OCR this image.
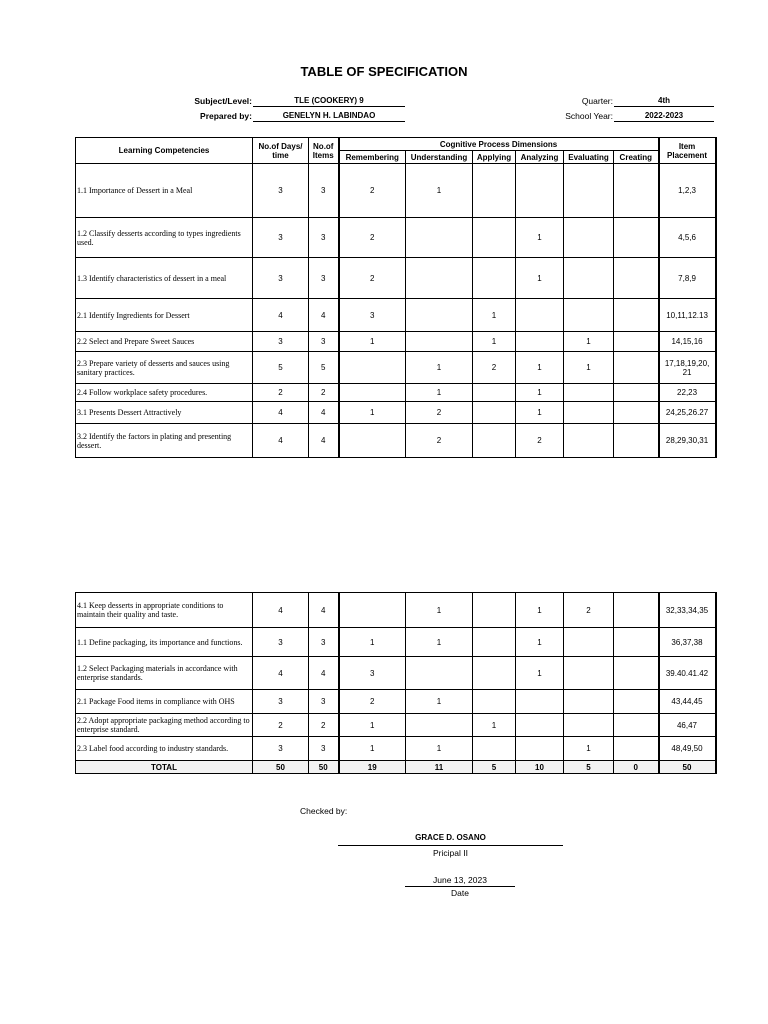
TABLE OF SPECIFICATION
Subject/Level:	TLE (COOKERY) 9
Prepared by:	GENELYN H. LABINDAO
Quarter:	4th
School Year:	2022-2023
Learning Competencies	No.of Days/ time	No.of Items	Cognitive Process Dimensions						Item Placement
			Remembering	Understanding	Applying	Analyzing	Evaluating	Creating	
1.1 Importance of Dessert in a Meal	3	3	2	1					1,2,3
1.2 Classify desserts according to types ingredients used.	3	3	2			1			4,5,6
1.3 Identify characteristics of dessert in a meal	3	3	2			1			7,8,9
2.1 Identify Ingredients for Dessert	4	4	3		1				10,11,12.13
2.2 Select and Prepare Sweet Sauces	3	3	1		1		1		14,15,16
2.3 Prepare variety of desserts and sauces using sanitary practices.	5	5		1	2	1	1		17,18,19,20, 21
2.4 Follow workplace safety procedures.	2	2		1		1			22,23
3.1 Presents Dessert Attractively	4	4	1	2		1			24,25,26.27
3.2 Identify the factors in plating and presenting dessert.	4	4		2		2			28,29,30,31
4.1 Keep desserts in appropriate conditions to maintain their quality and taste.	4	4		1		1	2		32,33,34,35
1.1 Define packaging, its importance and functions.	3	3	1	1		1			36,37,38
1.2 Select Packaging materials in accordance with enterprise standards.	4	4	3			1			39.40.41.42
2.1 Package Food items in compliance with OHS	3	3	2	1					43,44,45
2.2 Adopt appropriate packaging method according to enterprise standard.	2	2	1		1				46,47
2.3 Label food according to industry standards.	3	3	1	1			1		48,49,50
TOTAL	50	50	19	11	5	10	5	0	50
Checked by:
GRACE D. OSANO
Pricipal II
June 13, 2023
Date
